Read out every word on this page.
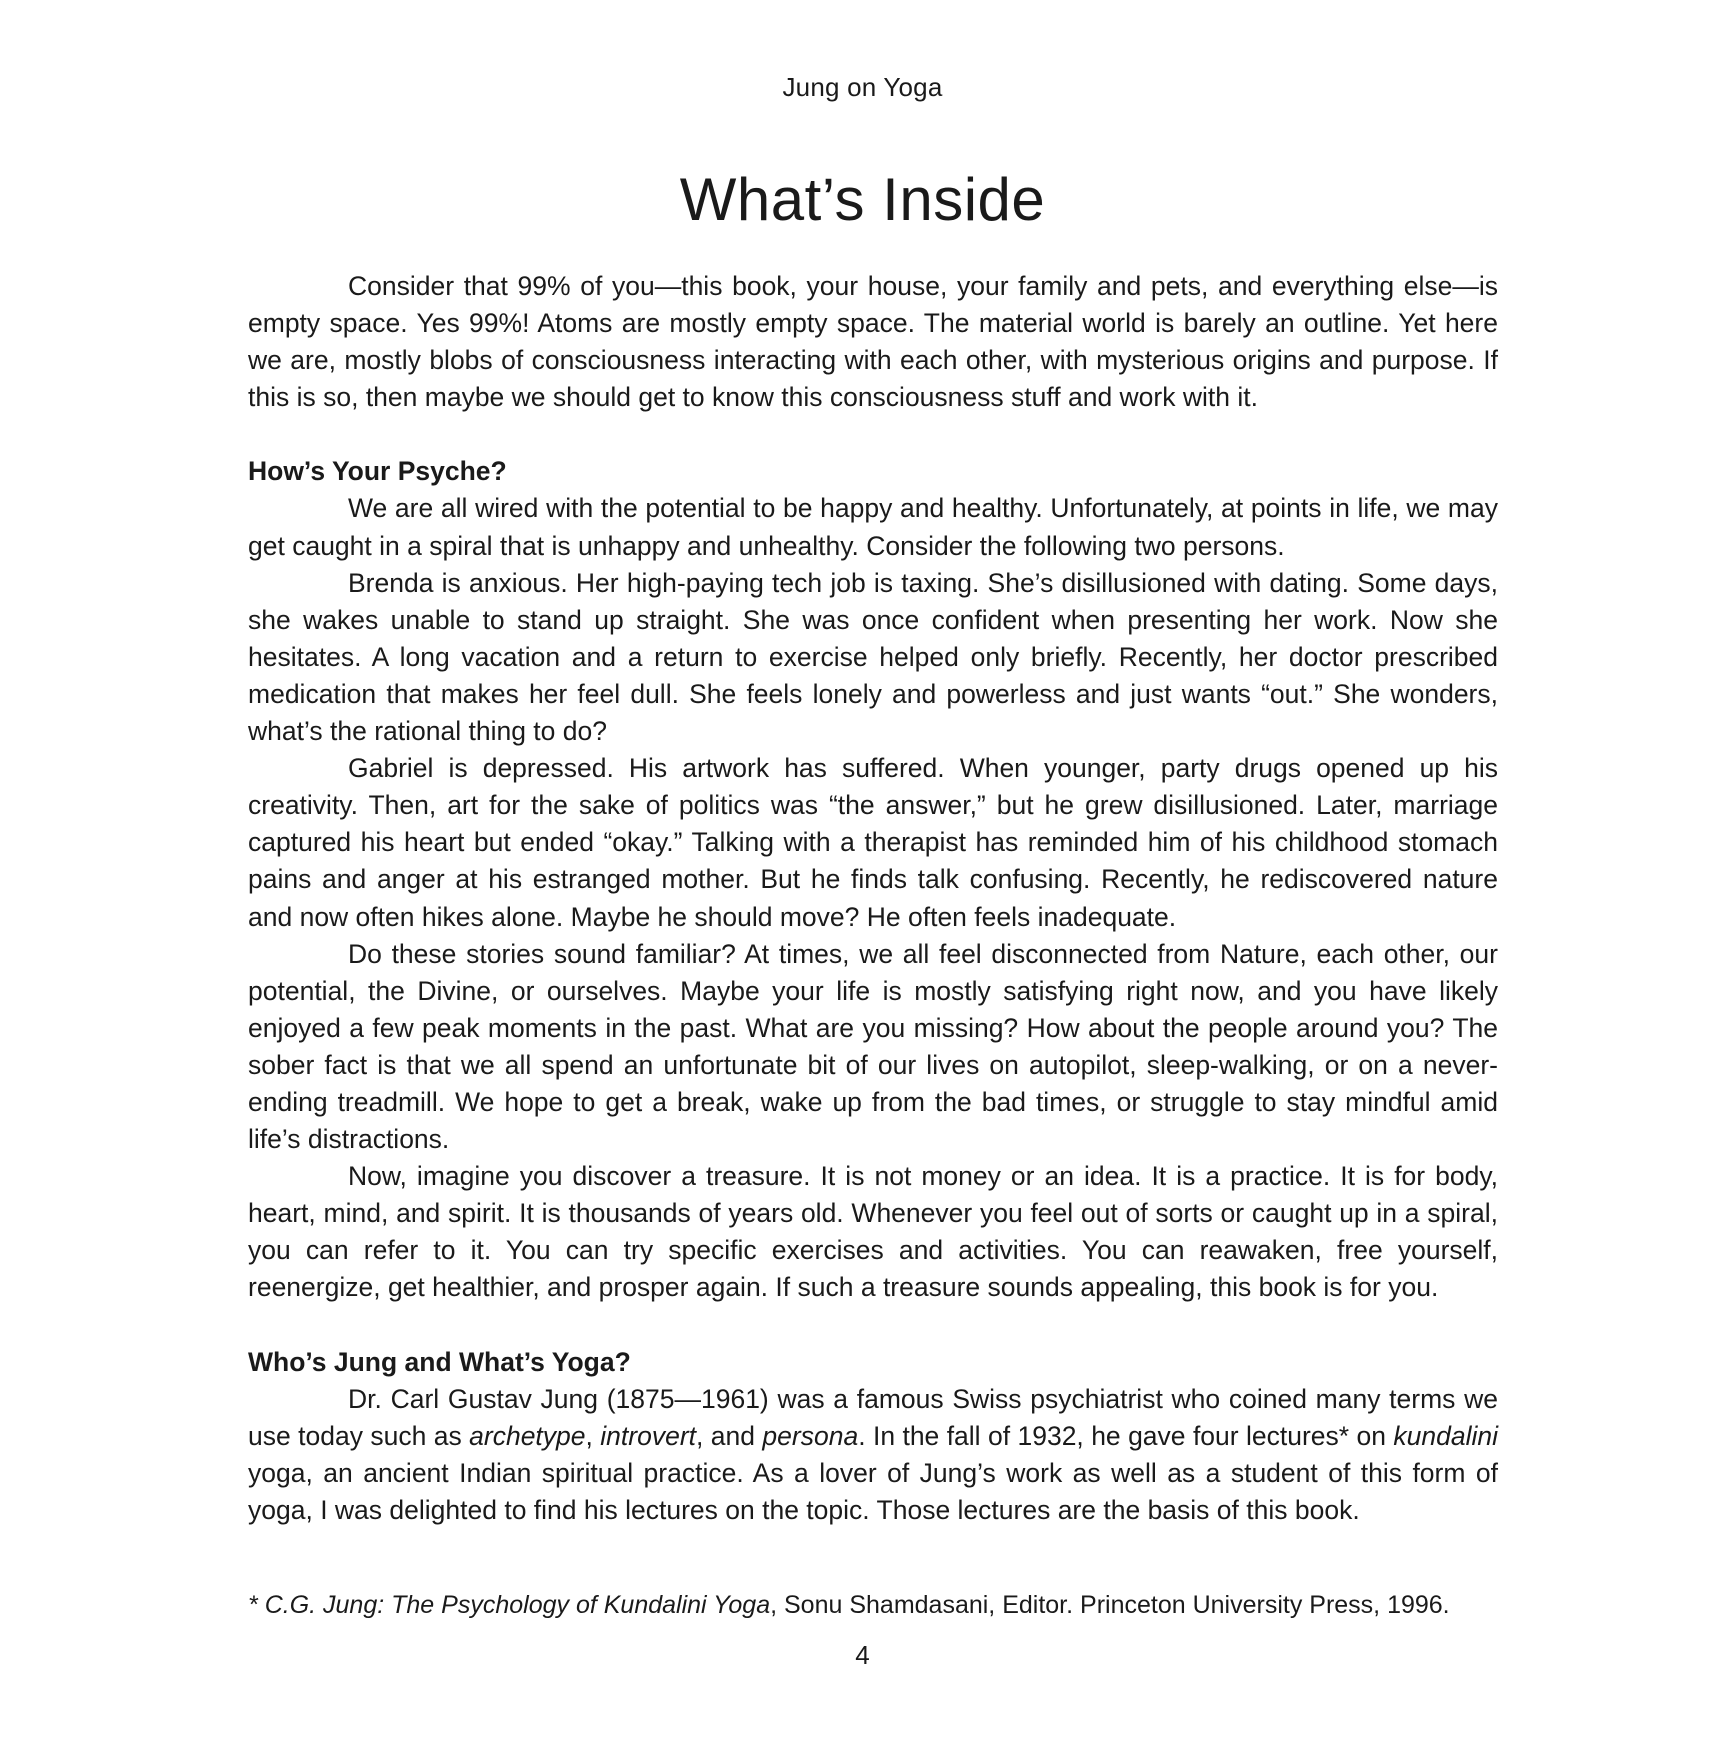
Jung on Yoga
What’s Inside

Consider that 99% of you—this book, your house, your family and pets, and everything else—is empty space. Yes 99%! Atoms are mostly empty space. The material world is barely an outline. Yet here we are, mostly blobs of consciousness interacting with each other, with mysterious origins and purpose. If this is so, then maybe we should get to know this consciousness stuff and work with it.

How’s Your Psyche?

We are all wired with the potential to be happy and healthy. Unfortunately, at points in life, we may get caught in a spiral that is unhappy and unhealthy. Consider the following two persons.

Brenda is anxious. Her high-paying tech job is taxing. She’s disillusioned with dating. Some days, she wakes unable to stand up straight. She was once confident when presenting her work. Now she hesitates. A long vacation and a return to exercise helped only briefly. Recently, her doctor prescribed medication that makes her feel dull. She feels lonely and powerless and just wants “out.” She wonders, what’s the rational thing to do?

Gabriel is depressed. His artwork has suffered. When younger, party drugs opened up his creativity. Then, art for the sake of politics was “the answer,” but he grew disillusioned. Later, marriage captured his heart but ended “okay.” Talking with a therapist has reminded him of his childhood stomach pains and anger at his estranged mother. But he finds talk confusing. Recently, he rediscovered nature and now often hikes alone. Maybe he should move? He often feels inadequate.

Do these stories sound familiar? At times, we all feel disconnected from Nature, each other, our potential, the Divine, or ourselves. Maybe your life is mostly satisfying right now, and you have likely enjoyed a few peak moments in the past. What are you missing? How about the people around you? The sober fact is that we all spend an unfortunate bit of our lives on autopilot, sleep-walking, or on a never-ending treadmill. We hope to get a break, wake up from the bad times, or struggle to stay mindful amid life’s distractions.

Now, imagine you discover a treasure. It is not money or an idea. It is a practice. It is for body, heart, mind, and spirit. It is thousands of years old. Whenever you feel out of sorts or caught up in a spiral, you can refer to it. You can try specific exercises and activities. You can reawaken, free yourself, reenergize, get healthier, and prosper again. If such a treasure sounds appealing, this book is for you.

Who’s Jung and What’s Yoga?

Dr. Carl Gustav Jung (1875—1961) was a famous Swiss psychiatrist who coined many terms we use today such as archetype, introvert, and persona. In the fall of 1932, he gave four lectures* on kundalini yoga, an ancient Indian spiritual practice. As a lover of Jung’s work as well as a student of this form of yoga, I was delighted to find his lectures on the topic. Those lectures are the basis of this book.

* C.G. Jung: The Psychology of Kundalini Yoga, Sonu Shamdasani, Editor. Princeton University Press, 1996.
4
